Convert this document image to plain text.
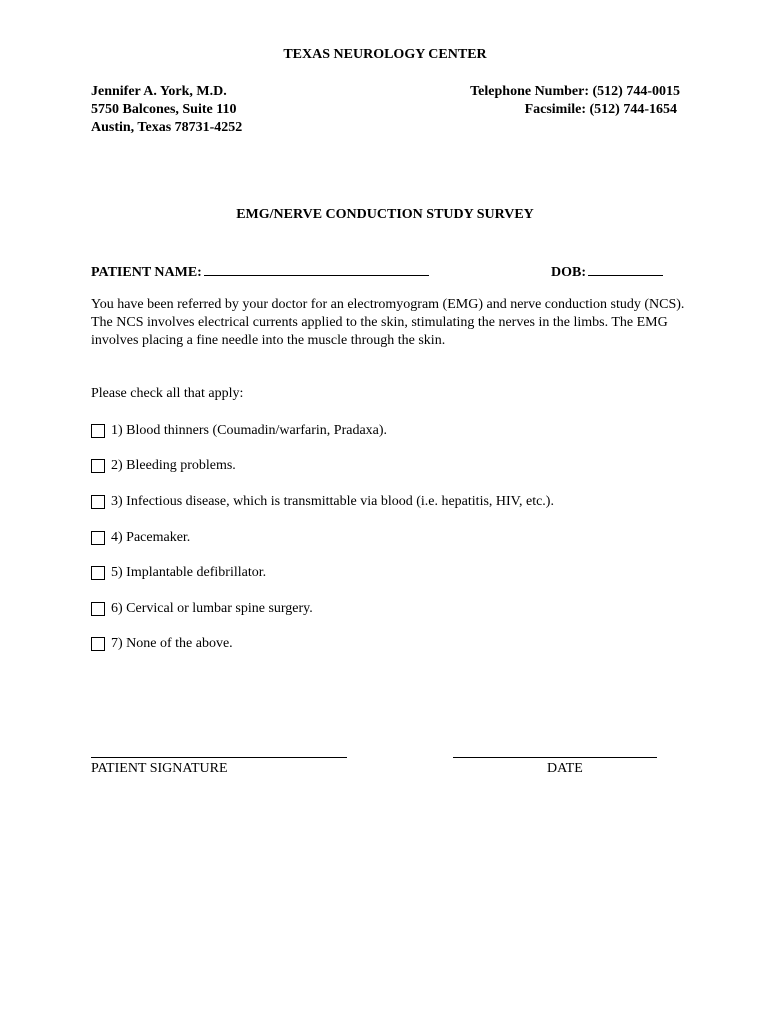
TEXAS NEUROLOGY CENTER
Jennifer A. York, M.D.
5750 Balcones, Suite 110
Austin, Texas 78731-4252
Telephone Number: (512) 744-0015
Facsimile: (512) 744-1654
EMG/NERVE CONDUCTION STUDY SURVEY
PATIENT NAME:	DOB:
You have been referred by your doctor for an electromyogram (EMG) and nerve conduction study (NCS). The NCS involves electrical currents applied to the skin, stimulating the nerves in the limbs. The EMG involves placing a fine needle into the muscle through the skin.
Please check all that apply:
1) Blood thinners (Coumadin/warfarin, Pradaxa).
2) Bleeding problems.
3) Infectious disease, which is transmittable via blood (i.e. hepatitis, HIV, etc.).
4) Pacemaker.
5) Implantable defibrillator.
6) Cervical or lumbar spine surgery.
7) None of the above.
PATIENT SIGNATURE	DATE
